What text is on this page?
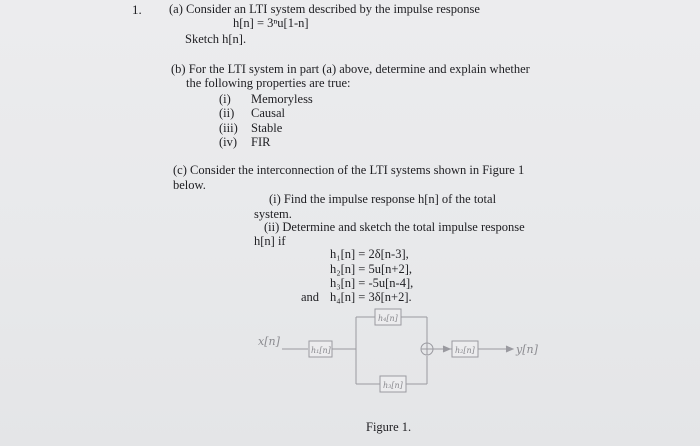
1. (a) Consider an LTI system described by the impulse response
h[n] = 3ⁿu[1-n]
Sketch h[n].
(b) For the LTI system in part (a) above, determine and explain whether
the following properties are true:
(i) Memoryless
(ii) Causal
(iii) Stable
(iv) FIR
(c) Consider the interconnection of the LTI systems shown in Figure 1
below.
(i) Find the impulse response h[n] of the total
system.
(ii) Determine and sketch the total impulse response
h[n] if
h₁[n] = 2δ[n-3],
h₂[n] = 5u[n+2],
h₃[n] = -5u[n-4],
and h₄[n] = 3δ[n+2].
h₁[n]
h₄[n]
h₃[n]
h₂[n]
x[n]
y[n]
Figure 1.
